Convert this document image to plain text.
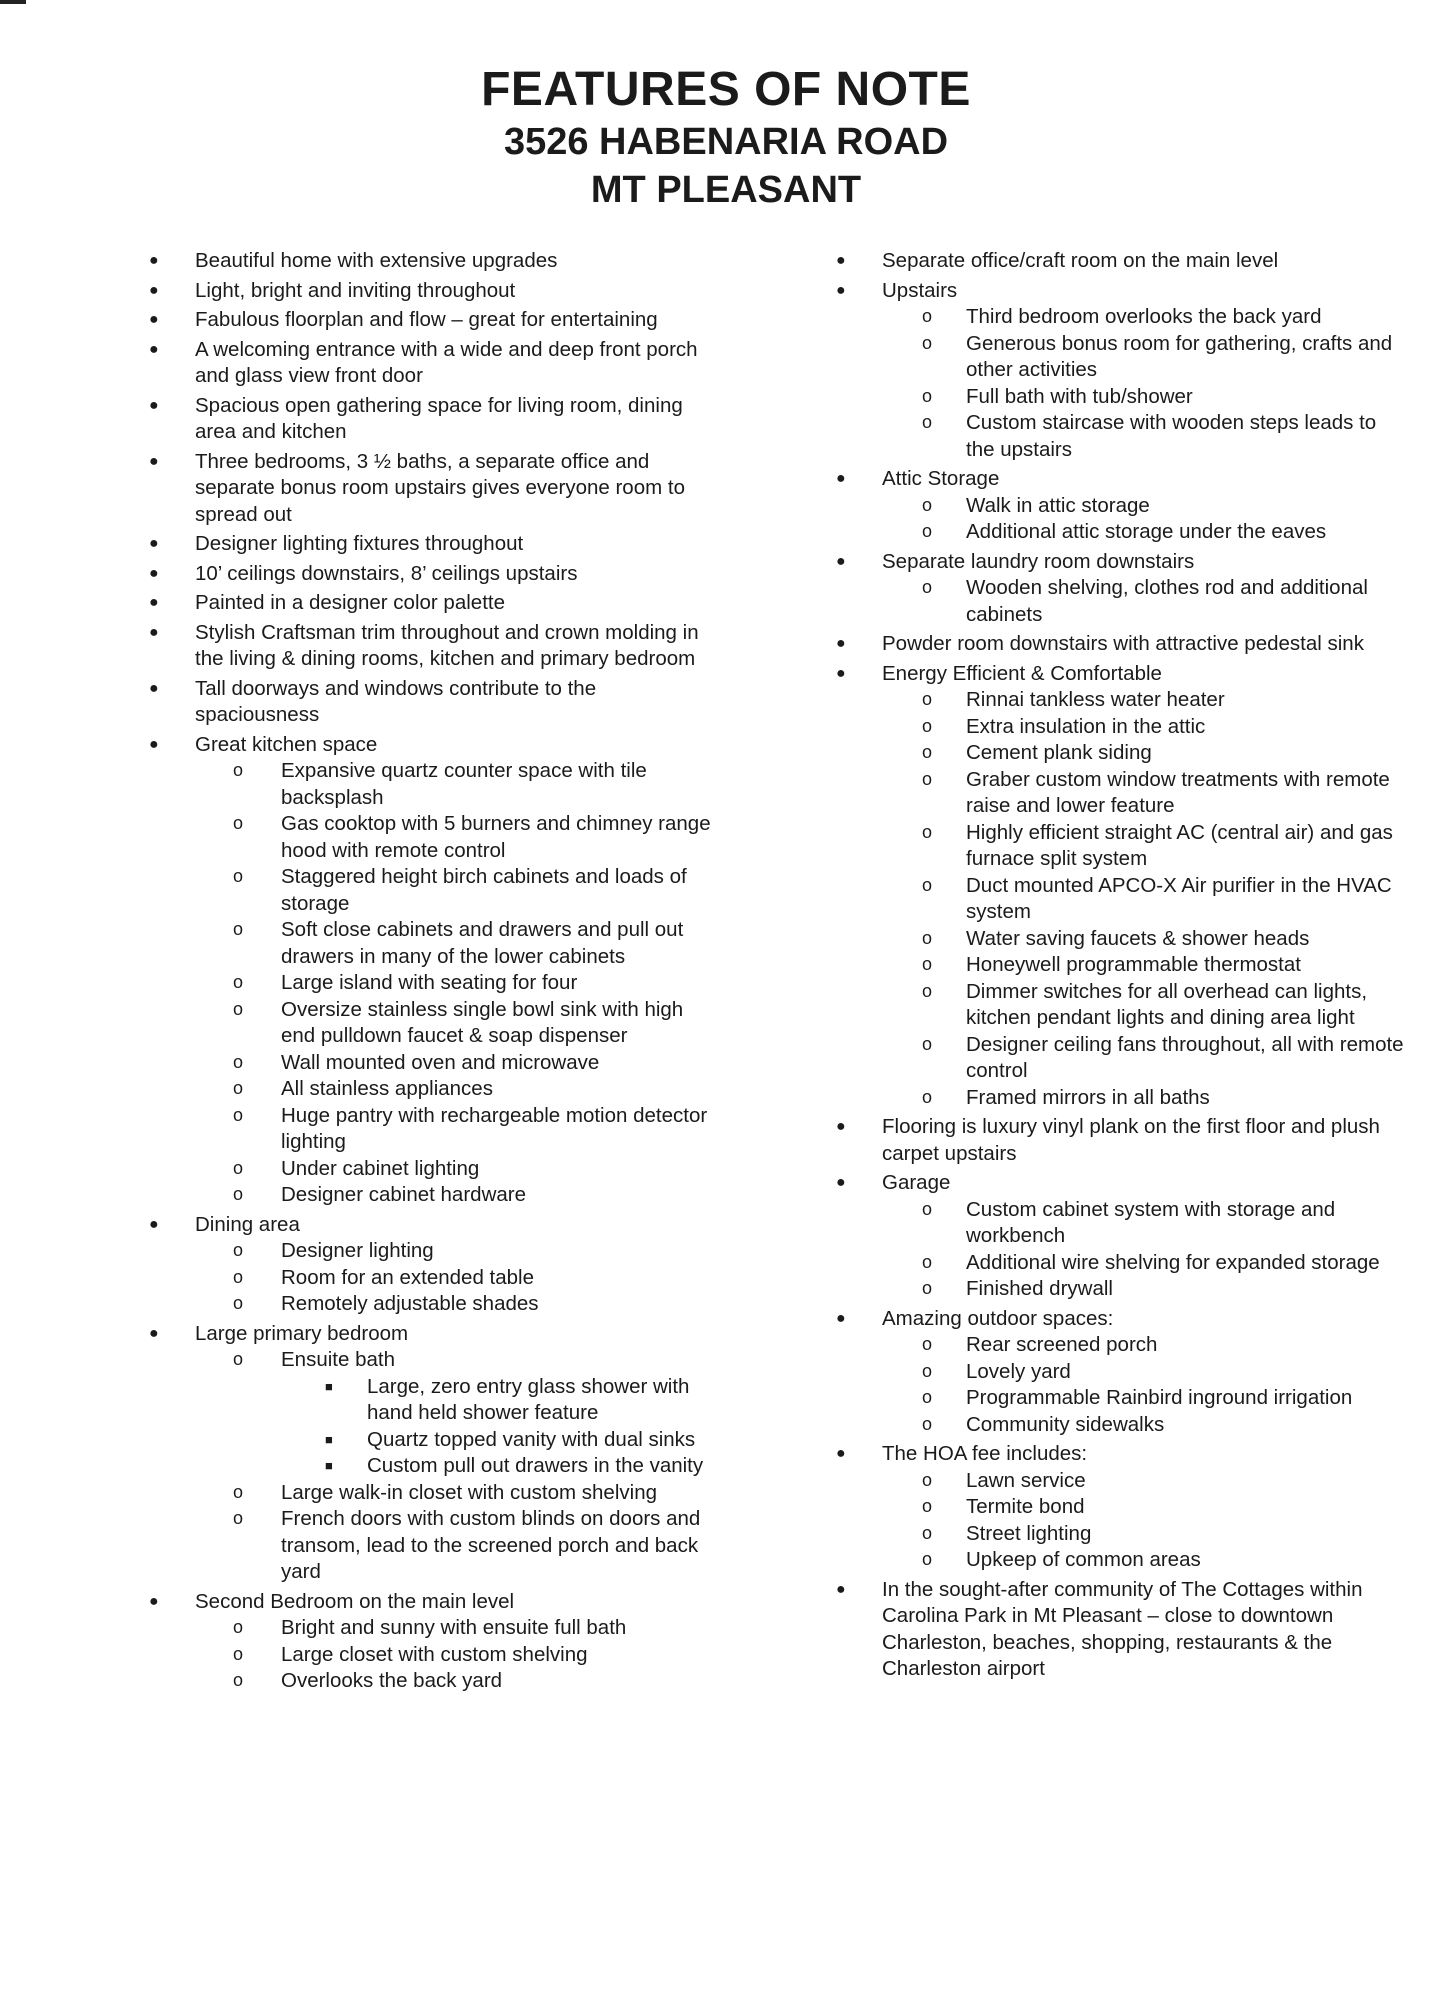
FEATURES OF NOTE
3526 HABENARIA ROAD
MT PLEASANT
● Beautiful home with extensive upgrades
● Light, bright and inviting throughout
● Fabulous floorplan and flow – great for entertaining
● A welcoming entrance with a wide and deep front porch and glass view front door
● Spacious open gathering space for living room, dining area and kitchen
● Three bedrooms, 3 ½ baths, a separate office and separate bonus room upstairs gives everyone room to spread out
● Designer lighting fixtures throughout
● 10’ ceilings downstairs, 8’ ceilings upstairs
● Painted in a designer color palette
● Stylish Craftsman trim throughout and crown molding in the living & dining rooms, kitchen and primary bedroom
● Tall doorways and windows contribute to the spaciousness
● Great kitchen space
o Expansive quartz counter space with tile backsplash
o Gas cooktop with 5 burners and chimney range hood with remote control
o Staggered height birch cabinets and loads of storage
o Soft close cabinets and drawers and pull out drawers in many of the lower cabinets
o Large island with seating for four
o Oversize stainless single bowl sink with high end pulldown faucet & soap dispenser
o Wall mounted oven and microwave
o All stainless appliances
o Huge pantry with rechargeable motion detector lighting
o Under cabinet lighting
o Designer cabinet hardware
● Dining area
o Designer lighting
o Room for an extended table
o Remotely adjustable shades
● Large primary bedroom
o Ensuite bath
■ Large, zero entry glass shower with hand held shower feature
■ Quartz topped vanity with dual sinks
■ Custom pull out drawers in the vanity
o Large walk-in closet with custom shelving
o French doors with custom blinds on doors and transom, lead to the screened porch and back yard
● Second Bedroom on the main level
o Bright and sunny with ensuite full bath
o Large closet with custom shelving
o Overlooks the back yard
● Separate office/craft room on the main level
● Upstairs
o Third bedroom overlooks the back yard
o Generous bonus room for gathering, crafts and other activities
o Full bath with tub/shower
o Custom staircase with wooden steps leads to the upstairs
● Attic Storage
o Walk in attic storage
o Additional attic storage under the eaves
● Separate laundry room downstairs
o Wooden shelving, clothes rod and additional cabinets
● Powder room downstairs with attractive pedestal sink
● Energy Efficient & Comfortable
o Rinnai tankless water heater
o Extra insulation in the attic
o Cement plank siding
o Graber custom window treatments with remote raise and lower feature
o Highly efficient straight AC (central air) and gas furnace split system
o Duct mounted APCO-X Air purifier in the HVAC system
o Water saving faucets & shower heads
o Honeywell programmable thermostat
o Dimmer switches for all overhead can lights, kitchen pendant lights and dining area light
o Designer ceiling fans throughout, all with remote control
o Framed mirrors in all baths
● Flooring is luxury vinyl plank on the first floor and plush carpet upstairs
● Garage
o Custom cabinet system with storage and workbench
o Additional wire shelving for expanded storage
o Finished drywall
● Amazing outdoor spaces:
o Rear screened porch
o Lovely yard
o Programmable Rainbird inground irrigation
o Community sidewalks
● The HOA fee includes:
o Lawn service
o Termite bond
o Street lighting
o Upkeep of common areas
● In the sought-after community of The Cottages within Carolina Park in Mt Pleasant – close to downtown Charleston, beaches, shopping, restaurants & the Charleston airport
